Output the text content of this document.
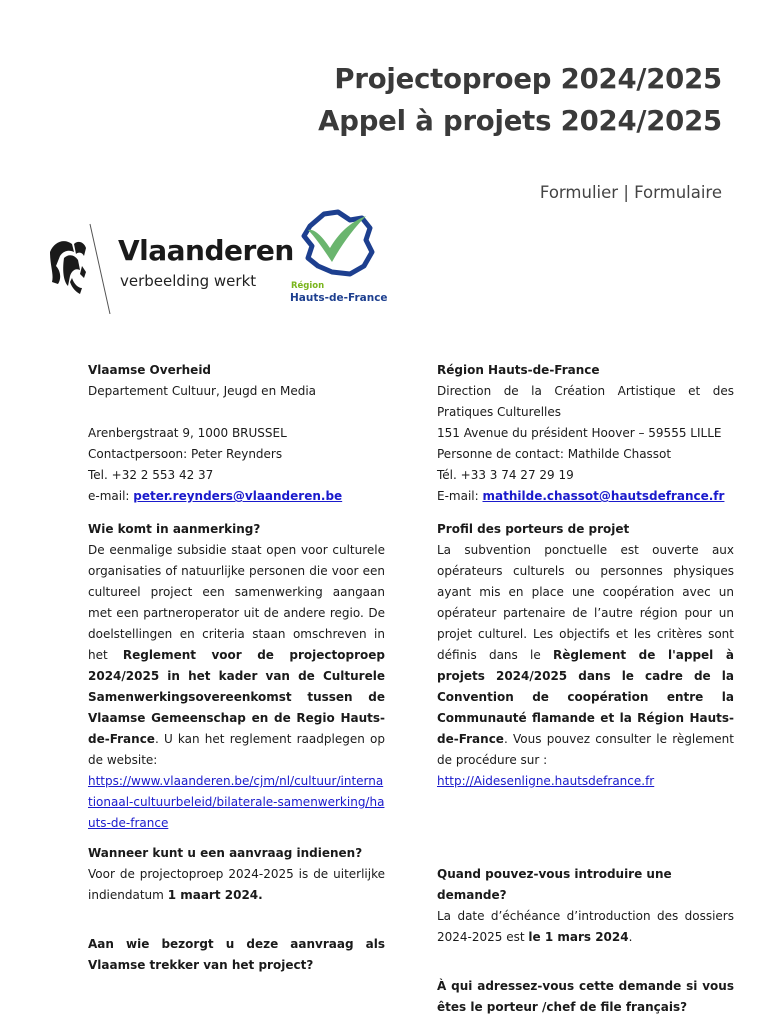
Projectoproep 2024/2025
Appel à projets 2024/2025
Formulier | Formulaire
Vlaanderen
verbeelding werkt	Région
Hauts-de-France

Vlaamse Overheid

Departement Cultuur, Jeugd en Media

Arenbergstraat 9, 1000 BRUSSEL

Contactpersoon: Peter Reynders

Tel. +32 2 553 42 37

e-mail: peter.reynders@vlaanderen.be

Wie komt in aanmerking?

De eenmalige subsidie staat open voor culturele organisaties of natuurlijke personen die voor een cultureel project een samenwerking aangaan met een partneroperator uit de andere regio. De doelstellingen en criteria staan omschreven in het Reglement voor de projectoproep 2024/2025 in het kader van de Culturele Samenwerkingsovereenkomst tussen de Vlaamse Gemeenschap en de Regio Hauts-de-France. U kan het reglement raadplegen op de website:

https://www.vlaanderen.be/cjm/nl/cultuur/internationaal-cultuurbeleid/bilaterale-samenwerking/hauts-de-france

Wanneer kunt u een aanvraag indienen?

Voor de projectoproep 2024-2025 is de uiterlijke indiendatum 1 maart 2024.

Aan wie bezorgt u deze aanvraag als Vlaamse trekker van het project?

Région Hauts-de-France

Direction de la Création Artistique et des Pratiques Culturelles

151 Avenue du président Hoover – 59555 LILLE

Personne de contact: Mathilde Chassot

Tél. +33 3 74 27 29 19

E-mail: mathilde.chassot@hautsdefrance.fr

Profil des porteurs de projet

La subvention ponctuelle est ouverte aux opérateurs culturels ou personnes physiques ayant mis en place une coopération avec un opérateur partenaire de l’autre région pour un projet culturel. Les objectifs et les critères sont définis dans le Règlement de l'appel à projets 2024/2025 dans le cadre de la Convention de coopération entre la Communauté flamande et la Région Hauts-de-France. Vous pouvez consulter le règlement de procédure sur :

http://Aidesenligne.hautsdefrance.fr

Quand pouvez-vous introduire une demande?

La date d’échéance d’introduction des dossiers 2024-2025 est le 1 mars 2024.

À qui adressez-vous cette demande si vous êtes le porteur /chef de file français?
